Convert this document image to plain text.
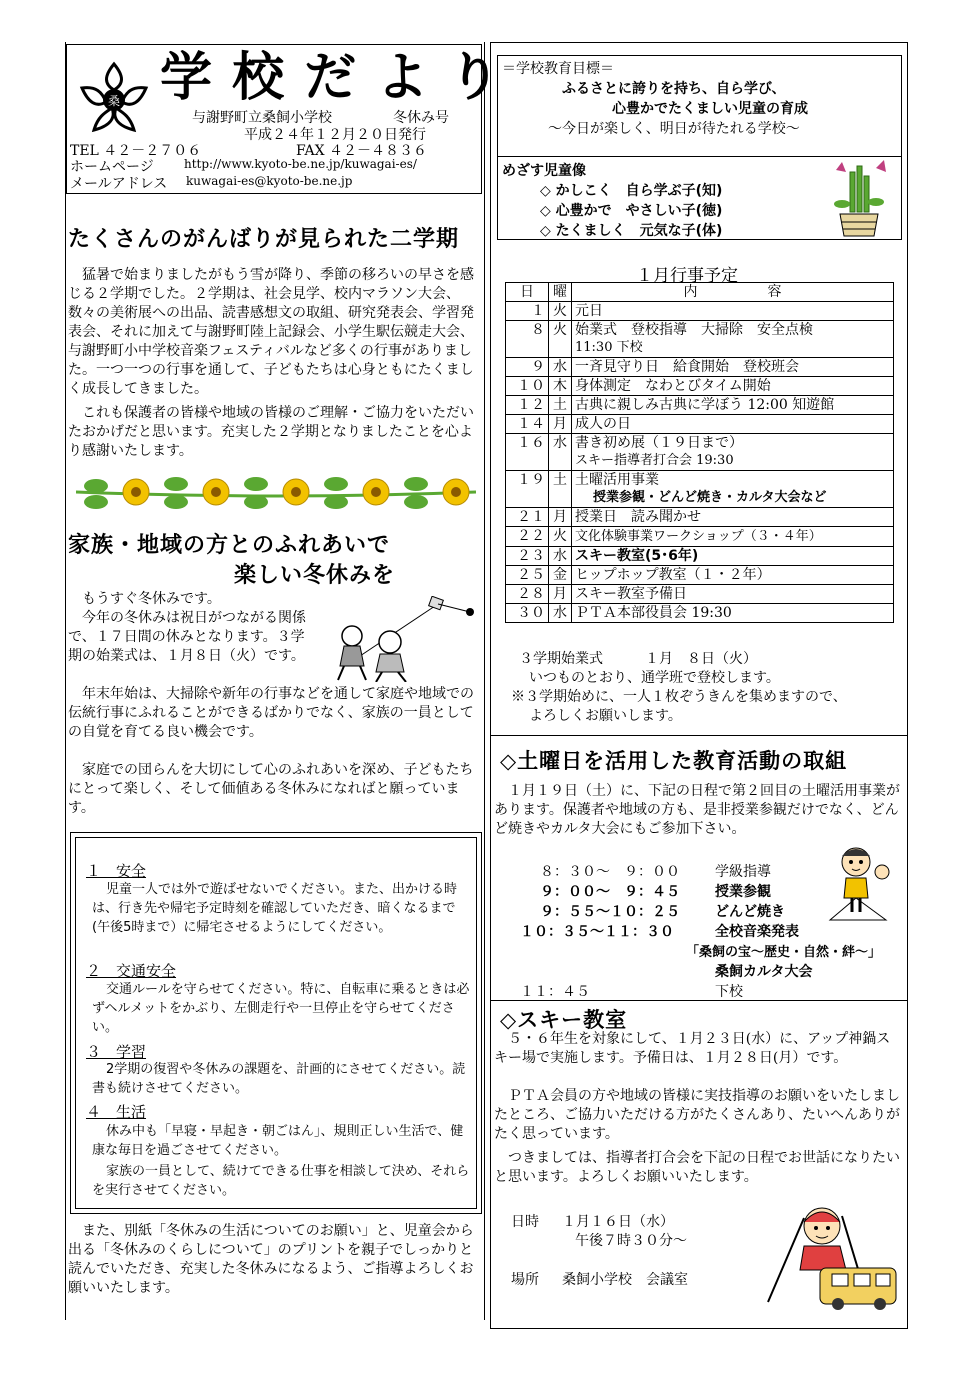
桑 学 校 だ よ り
与謝野町立桑飼小学校	冬休み号
平成２４年１２月２０日発行
TEL ４２－２７０６	FAX ４２－４８３６
ホームページ	http://www.kyoto-be.ne.jp/kuwagai-es/
メールアドレス kuwagai-es@kyoto-be.ne.jp
たくさんのがんばりが見られた二学期
猛暑で始まりましたがもう雪が降り、季節の移ろいの早さを感じる２学期でした。２学期は、社会見学、校内マラソン大会、数々の美術展への出品、読書感想文の取組、研究発表会、学習発表会、それに加えて与謝野町陸上記録会、小学生駅伝競走大会、与謝野町小中学校音楽フェスティバルなど多くの行事がありました。一つ一つの行事を通して、子どもたちは心身ともにたくましく成長してきました。
これも保護者の皆様や地域の皆様のご理解・ご協力をいただいたおかげだと思います。充実した２学期となりましたことを心より感謝いたします。
家族・地域の方とのふれあいで
楽しい冬休みを
もうすぐ冬休みです。
今年の冬休みは祝日がつながる関係で、１７日間の休みとなります。３学期の始業式は、１月８日（火）です。
年末年始は、大掃除や新年の行事などを通して家庭や地域での伝統行事にふれることができるばかりでなく、家族の一員としての自覚を育てる良い機会です。
家庭での団らんを大切にして心のふれあいを深め、子どもたちにとって楽しく、そして価値ある冬休みになればと願っています。
１　安全
児童一人では外で遊ばせないでください。また、出かける時は、行き先や帰宅予定時刻を確認していただき、暗くなるまで(午後5時まで）に帰宅させるようにしてください。
２　交通安全
交通ルールを守らせてください。特に、自転車に乗るときは必ずヘルメットをかぶり、左側走行や一旦停止を守らせてください。
３　学習
2学期の復習や冬休みの課題を、計画的にさせてください。読書も続けさせてください。
４　生活
休み中も「早寝・早起き・朝ごはん」、規則正しい生活で、健康な毎日を過ごさせてください。
家族の一員として、続けてできる仕事を相談して決め、それらを実行させてください。
また、別紙「冬休みの生活についてのお願い」と、児童会から出る「冬休みのくらしについて」のプリントを親子でしっかりと読んでいただき、充実した冬休みになるよう、ご指導よろしくお願いいたします。
＝学校教育目標＝
ふるさとに誇りを持ち、自ら学び、
心豊かでたくましい児童の育成
～今日が楽しく、明日が待たれる学校～
めざす児童像
◇ かしこく　自ら学ぶ子(知)
◇ 心豊かで　やさしい子(徳)
◇ たくましく　元気な子(体)
１月行事予定
日	曜	内　　　　　容
１	火	元日
８	火	始業式　登校指導　大掃除　安全点検
11:30 下校

９	水	一斉見守り日　給食開始　登校班会
１０	木	身体測定　なわとびタイム開始
１２	土	古典に親しみ古典に学ぼう 12:00 知遊館
１４	月	成人の日
１６	水	書き初め展（１９日まで）
スキー指導者打合会 19:30

１９	土	土曜活用事業
授業参観・どんど焼き・カルタ大会など

２１	月	授業日　読み聞かせ
２２	火	文化体験事業ワークショップ（３・４年）
２３	水	スキー教室(5･6年)
２５	金	ヒップホップ教室（１・２年）
２８	月	スキー教室予備日
３０	水	ＰＴＡ本部役員会 19:30
３学期始業式　　　１月　８日（火）
いつものとおり、通学班で登校します。
※３学期始めに、一人１枚ぞうきんを集めますので、
よろしくお願いします。
◇土曜日を活用した教育活動の取組
１月１９日（土）に、下記の日程で第２回目の土曜活用事業があります。保護者や地域の方も、是非授業参観だけでなく、どんど焼きやカルタ大会にもご参加下さい。
８：３０～　９：００	学級指導
９：００～　９：４５	授業参観
９：５５～１０：２５	どんど焼き
１０：３５～１１：３０	全校音楽発表
「桑飼の宝～歴史・自然・絆～」
桑飼カルタ大会
１１：４５	下校
◇スキー教室
５・６年生を対象にして、１月２３日(水）に、アップ神鍋スキー場で実施します。予備日は、１月２８日(月）です。
ＰＴＡ会員の方や地域の皆様に実技指導のお願いをいたしましたところ、ご協力いただける方がたくさんあり、たいへんありがたく思っています。
つきましては、指導者打合会を下記の日程でお世話になりたいと思います。よろしくお願いいたします。
日時 １月１６日（水）
午後７時３０分～
場所 桑飼小学校　会議室
